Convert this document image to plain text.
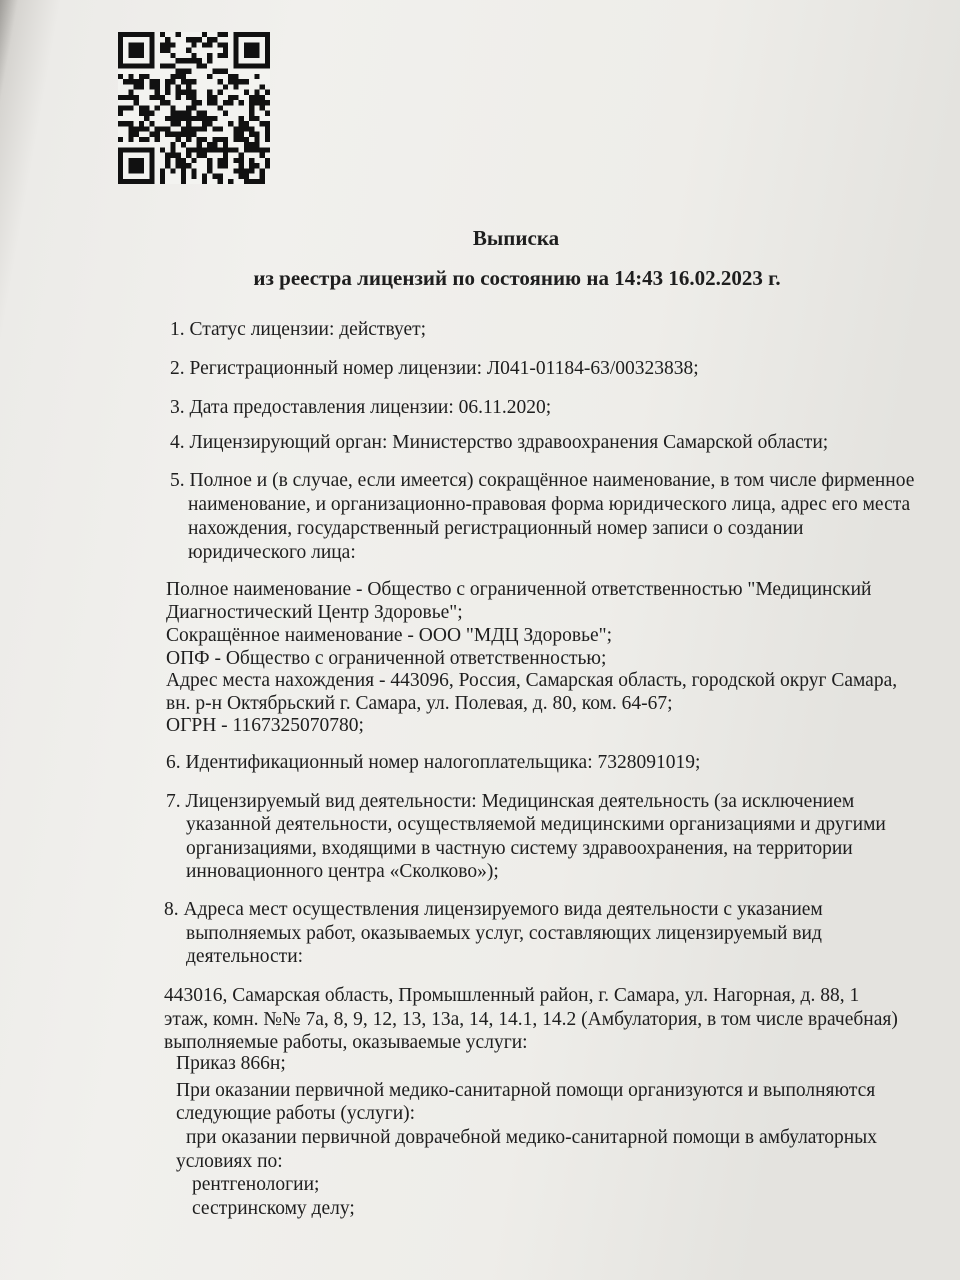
Выписка
из реестра лицензий по состоянию на 14:43 16.02.2023 г.
1. Статус лицензии: действует;
2. Регистрационный номер лицензии: Л041-01184-63/00323838;
3. Дата предоставления лицензии: 06.11.2020;
4. Лицензирующий орган: Министерство здравоохранения Самарской области;
5. Полное и (в случае, если имеется) сокращённое наименование, в том числе фирменное
наименование, и организационно-правовая форма юридического лица, адрес его места
нахождения, государственный регистрационный номер записи о создании
юридического лица:
Полное наименование - Общество с ограниченной ответственностью "Медицинский
Диагностический Центр Здоровье";
Сокращённое наименование - ООО "МДЦ Здоровье";
ОПФ - Общество с ограниченной ответственностью;
Адрес места нахождения - 443096, Россия, Самарская область, городской округ Самара,
вн. р-н Октябрьский г. Самара, ул. Полевая, д. 80, ком. 64-67;
ОГРН - 1167325070780;
6. Идентификационный номер налогоплательщика: 7328091019;
7. Лицензируемый вид деятельности: Медицинская деятельность (за исключением
указанной деятельности, осуществляемой медицинскими организациями и другими
организациями, входящими в частную систему здравоохранения, на территории
инновационного центра «Сколково»);
8. Адреса мест осуществления лицензируемого вида деятельности с указанием
выполняемых работ, оказываемых услуг, составляющих лицензируемый вид
деятельности:
443016, Самарская область, Промышленный район, г. Самара, ул. Нагорная, д. 88, 1
этаж, комн. №№ 7а, 8, 9, 12, 13, 13а, 14, 14.1, 14.2 (Амбулатория, в том числе врачебная)
выполняемые работы, оказываемые услуги:
Приказ 866н;
При оказании первичной медико-санитарной помощи организуются и выполняются
следующие работы (услуги):
при оказании первичной доврачебной медико-санитарной помощи в амбулаторных
условиях по:
рентгенологии;
сестринскому делу;
